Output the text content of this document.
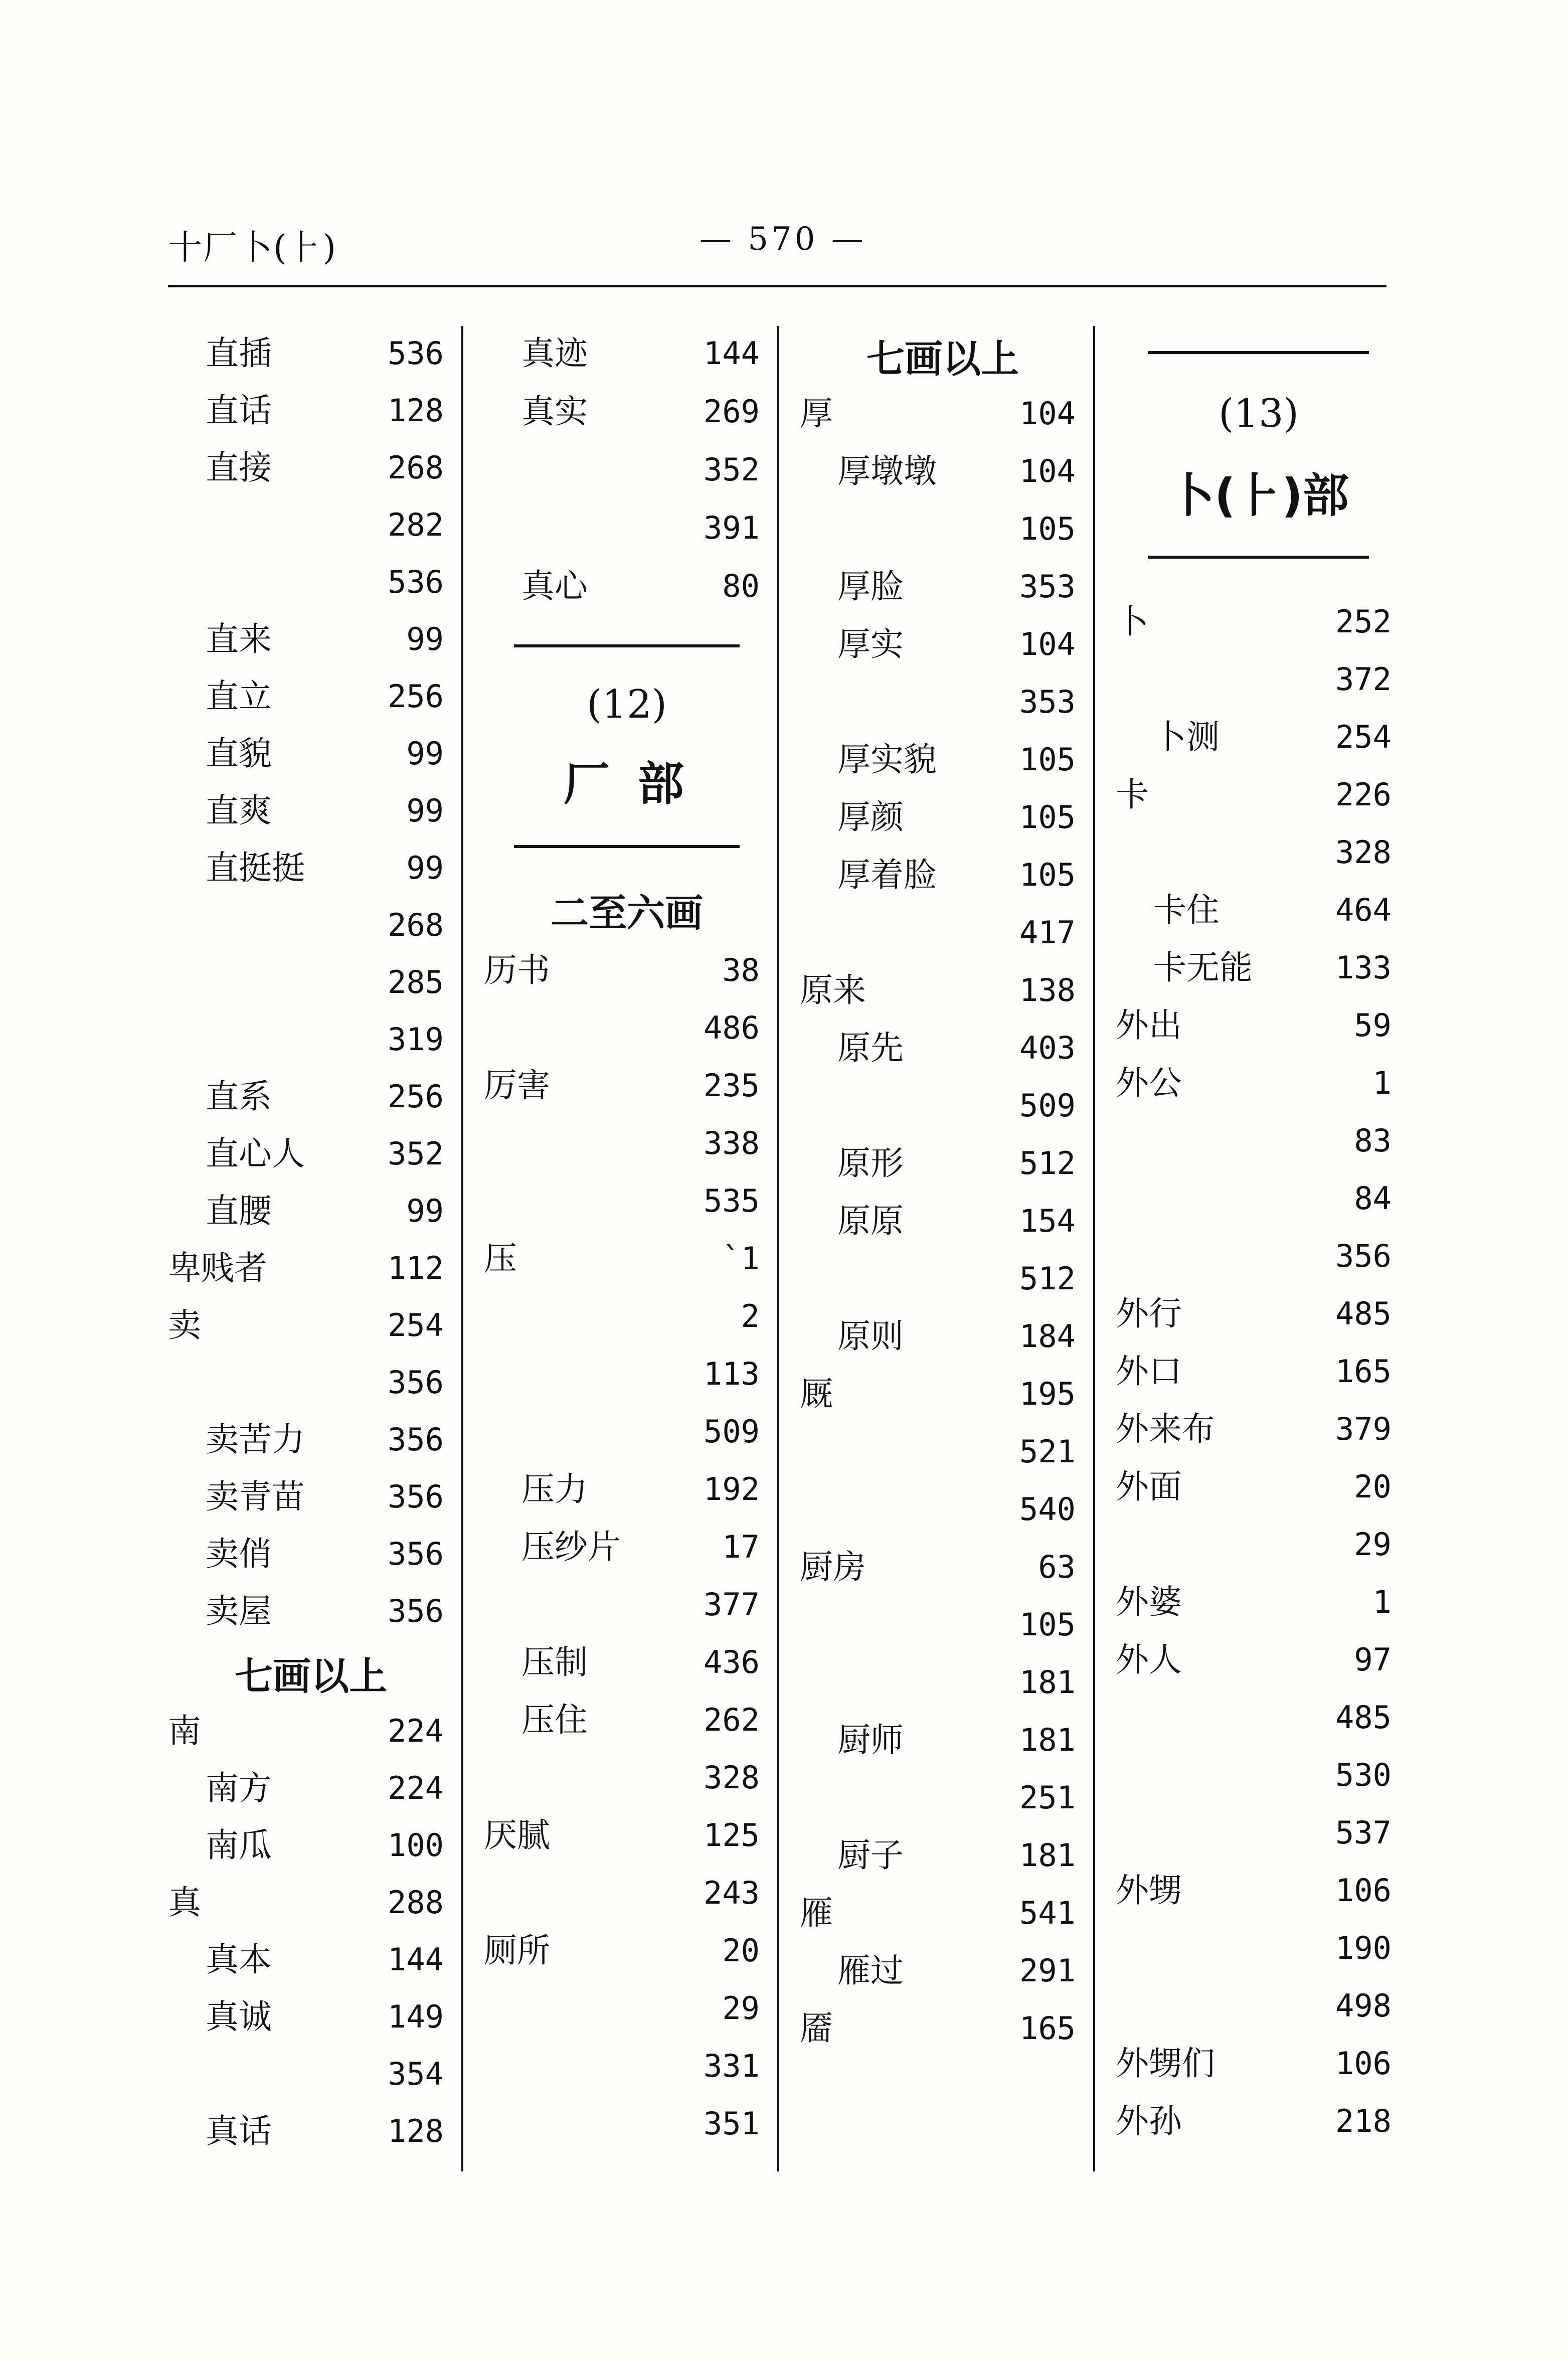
十厂卜(⺊)	— 570 —
直插	536
直话	128
直接	268
282
536
直来	99
直立	256
直貌	99
直爽	99
直挺挺	99
268
285
319
直系	256
直心人	352
直腰	99
卑贱者	112
卖	254
356
卖苦力	356
卖青苗	356
卖俏	356
卖屋	356
七画以上
南	224
南方	224
南瓜	100
真	288
真本	144
真诚	149
354
真话	128
真迹	144
真实	269
352
391
真心	80
(12)
厂 部
二至六画
历书	38
486
厉害	235
338
535
压	`1
2
113
509
压力	192
压纱片	17
377
压制	436
压住	262
328
厌腻	125
243
厕所	20
29
331
351
七画以上
厚	104
厚墩墩	104
105
厚脸	353
厚实	104
353
厚实貌	105
厚颜	105
厚着脸	105
417
原来	138
原先	403
509
原形	512
原原	154
512
原则	184
厩	195
521
540
厨房	63
105
181
厨师	181
251
厨子	181
雁	541
雁过	291
靥	165
(13)
卜(⺊)部
卜	252
372
卜测	254
卡	226
328
卡住	464
卡无能	133
外出	59
外公	1
83
84
356
外行	485
外口	165
外来布	379
外面	20
29
外婆	1
外人	97
485
530
537
外甥	106
190
498
外甥们	106
外孙	218
